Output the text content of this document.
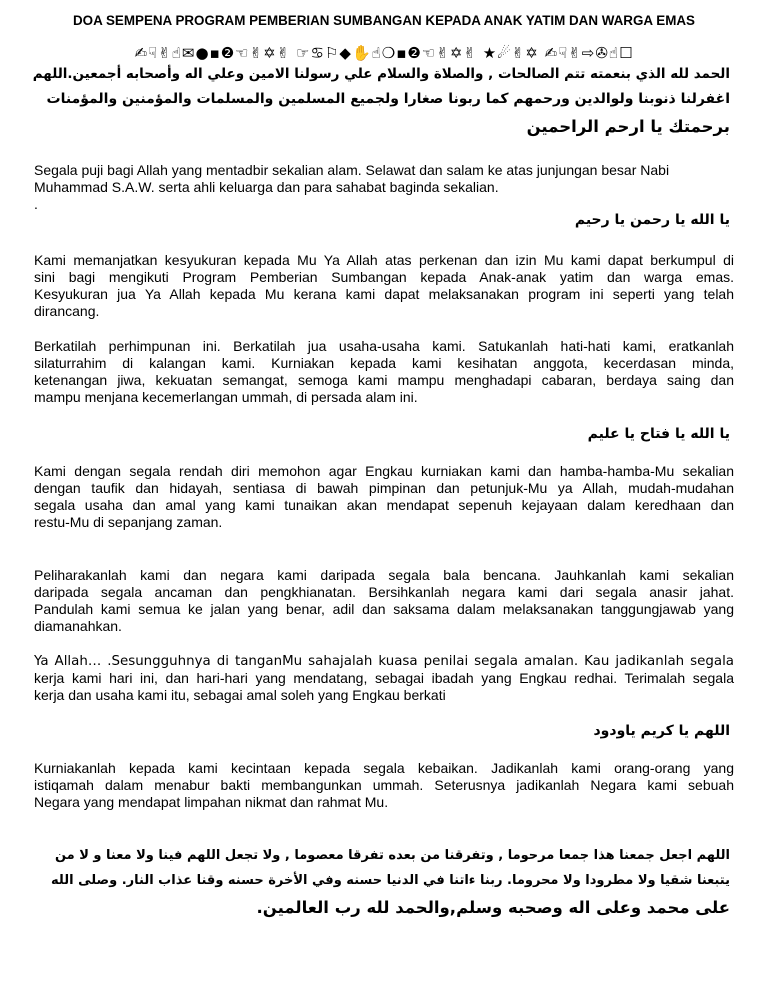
DOA SEMPENA PROGRAM PEMBERIAN SUMBANGAN KEPADA ANAK YATIM DAN WARGA EMAS
✍☟✌☝✉●▪❷☜✌✡✌ ☞♋⚐◆✋☝❍▪❷☜✌✡✌ ★☄✌✡ ✍☟✌⇨✇☝☐
الحمد لله الذي بنعمته تتم الصالحات , والصلاة والسلام علي رسولنا الامين وعلي اله وأصحابه أجمعين.اللهم
اغفرلنا ذنوبنا ولوالدين ورحمهم كما ربونا صغارا ولجميع المسلمين والمسلمات والمؤمنين والمؤمنات
برحمتك يا ارحم الراحمين
Segala puji bagi Allah yang mentadbir sekalian alam. Selawat dan salam ke atas junjungan besar Nabi
Muhammad S.A.W. serta ahli keluarga dan para sahabat baginda sekalian.
.
يا الله يا رحمن يا رحيم
Kami memanjatkan kesyukuran kepada Mu Ya Allah atas perkenan dan izin Mu kami dapat berkumpul di
sini bagi mengikuti Program Pemberian Sumbangan kepada Anak-anak yatim dan warga emas.
Kesyukuran jua Ya Allah kepada Mu kerana kami dapat melaksanakan program ini seperti yang telah
dirancang.
Berkatilah perhimpunan ini. Berkatilah jua usaha-usaha kami. Satukanlah hati-hati kami, eratkanlah
silaturrahim di kalangan kami. Kurniakan kepada kami kesihatan anggota, kecerdasan minda,
ketenangan jiwa, kekuatan semangat, semoga kami mampu menghadapi cabaran, berdaya saing dan
mampu menjana kecemerlangan ummah, di persada alam ini.
يا الله يا فتاح يا عليم
Kami dengan segala rendah diri memohon agar Engkau kurniakan kami dan hamba-hamba-Mu sekalian
dengan taufik dan hidayah, sentiasa di bawah pimpinan dan petunjuk-Mu ya Allah, mudah-mudahan
segala usaha dan amal yang kami tunaikan akan mendapat sepenuh kejayaan dalam keredhaan dan
restu-Mu di sepanjang zaman.
Peliharakanlah kami dan negara kami daripada segala bala bencana. Jauhkanlah kami sekalian
daripada segala ancaman dan pengkhianatan. Bersihkanlah negara kami dari segala anasir jahat.
Pandulah kami semua ke jalan yang benar, adil dan saksama dalam melaksanakan tanggungjawab yang
diamanahkan.
Ya Allah… .Sesungguhnya di tanganMu sahajalah kuasa penilai segala amalan. Kau jadikanlah segala
kerja kami hari ini, dan hari-hari yang mendatang, sebagai ibadah yang Engkau redhai. Terimalah segala
kerja dan usaha kami itu, sebagai amal soleh yang Engkau berkati
اللهم يا كريم ياودود
Kurniakanlah kepada kami kecintaan kepada segala kebaikan. Jadikanlah kami orang-orang yang
istiqamah dalam menabur bakti membangunkan ummah. Seterusnya jadikanlah Negara kami sebuah
Negara yang mendapat limpahan nikmat dan rahmat Mu.
اللهم اجعل جمعنا هذا جمعا مرحوما , وتفرقنا من بعده تفرقا معصوما , ولا تجعل اللهم فينا ولا معنا و لا من
يتبعنا شقيا ولا مطرودا ولا محروما. ربنا ءاتنا في الدنيا حسنه وفي الأخرة حسنه وقنا عذاب النار. وصلى الله
على محمد وعلى اله وصحبه وسلم,والحمد لله رب العالمين.
